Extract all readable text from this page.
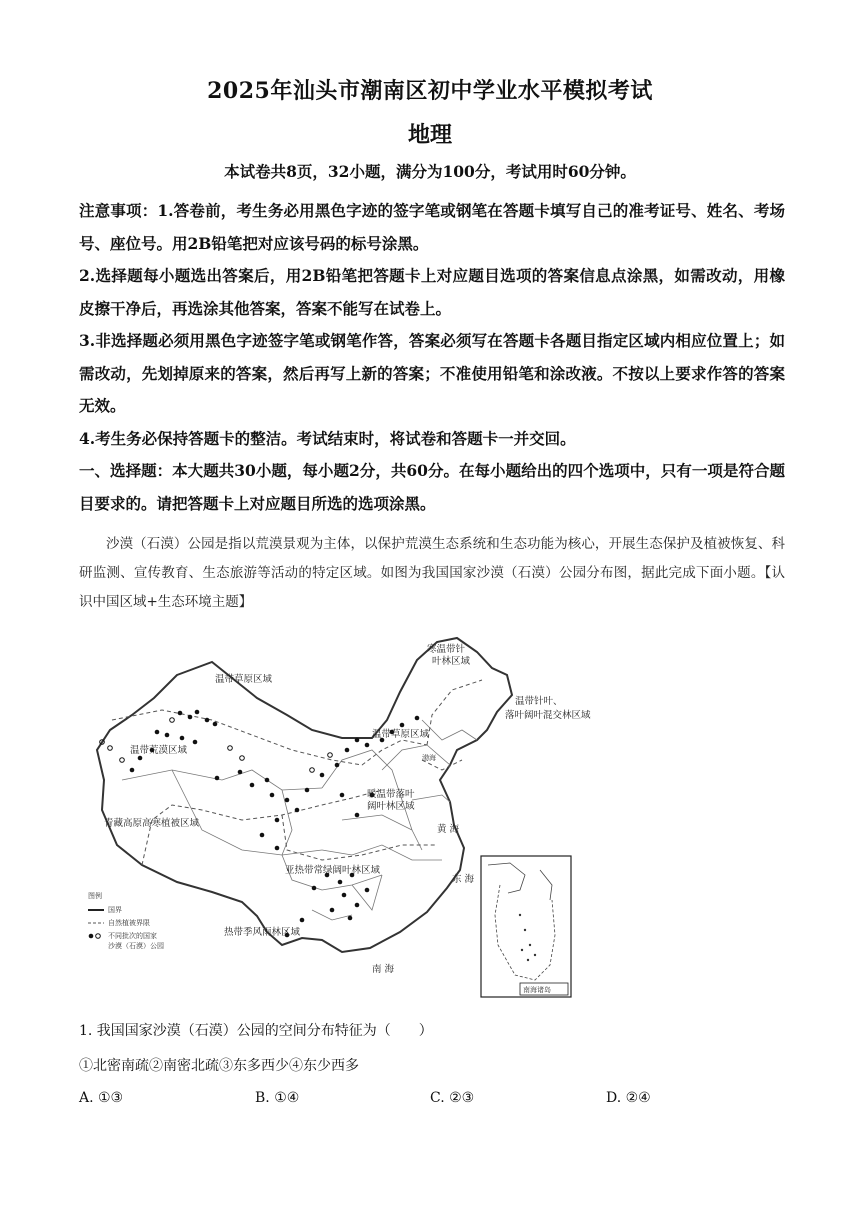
2025年汕头市潮南区初中学业水平模拟考试
地理
本试卷共8页，32小题，满分为100分，考试用时60分钟。

注意事项：1.答卷前，考生务必用黑色字迹的签字笔或钢笔在答题卡填写自己的准考证号、姓名、考场号、座位号。用2B铅笔把对应该号码的标号涂黑。

2.选择题每小题选出答案后，用2B铅笔把答题卡上对应题目选项的答案信息点涂黑，如需改动，用橡皮擦干净后，再选涂其他答案，答案不能写在试卷上。

3.非选择题必须用黑色字迹签字笔或钢笔作答，答案必须写在答题卡各题目指定区域内相应位置上；如需改动，先划掉原来的答案，然后再写上新的答案；不准使用铅笔和涂改液。不按以上要求作答的答案无效。

4.考生务必保持答题卡的整洁。考试结束时，将试卷和答题卡一并交回。

一、选择题：本大题共30小题，每小题2分，共60分。在每小题给出的四个选项中，只有一项是符合题目要求的。请把答题卡上对应题目所选的选项涂黑。

沙漠（石漠）公园是指以荒漠景观为主体，以保护荒漠生态系统和生态功能为核心，开展生态保护及植被恢复、科研监测、宣传教育、生态旅游等活动的特定区域。如图为我国国家沙漠（石漠）公园分布图，据此完成下面小题。【认识中国区域+生态环境主题】

温带草原区域
寒温带针
叶林区域
温带针叶、
落叶阔叶混交林区域
温带草原区域
温带荒漠区域
青藏高原高寒植被区域
暖温带落叶
阔叶林区域
亚热带常绿阔叶林区域
热带季风雨林区域
渤海
黄 海
东 海
南 海
图例
国界
自然植被界限
不同批次的国家
沙漠（石漠）公园
南海诸岛
1. 我国国家沙漠（石漠）公园的空间分布特征为（　　）
①北密南疏②南密北疏③东多西少④东少西多
A. ①③	B. ①④	C. ②③	D. ②④
